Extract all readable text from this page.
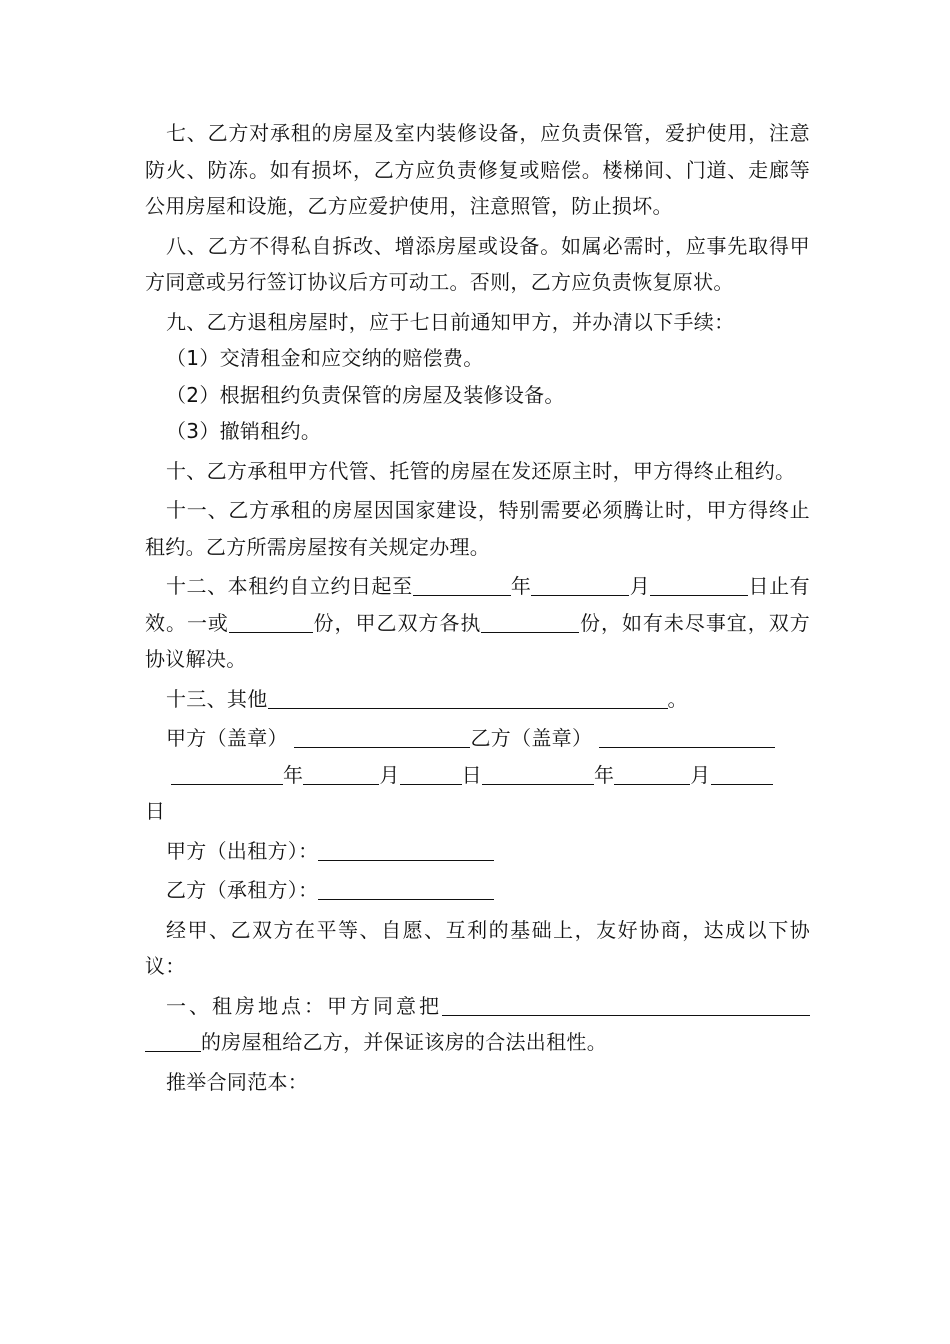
七、乙方对承租的房屋及室内装修设备，应负责保管，爱护使用，注意防火、防冻。如有损坏，乙方应负责修复或赔偿。楼梯间、门道、走廊等公用房屋和设施，乙方应爱护使用，注意照管，防止损坏。

八、乙方不得私自拆改、增添房屋或设备。如属必需时，应事先取得甲方同意或另行签订协议后方可动工。否则，乙方应负责恢复原状。

九、乙方退租房屋时，应于七日前通知甲方，并办清以下手续：

（1）交清租金和应交纳的赔偿费。

（2）根据租约负责保管的房屋及装修设备。

（3）撤销租约。

十、乙方承租甲方代管、托管的房屋在发还原主时，甲方得终止租约。

十一、乙方承租的房屋因国家建设，特别需要必须腾让时，甲方得终止租约。乙方所需房屋按有关规定办理。

十二、本租约自立约日起至	年	月	日止有效。一或	份，甲乙双方各执	份，如有未尽事宜，双方协议解决。

十三、其他	。

甲方（盖章）	乙方（盖章）

年	月	日	年	月

日

甲方（出租方）：

乙方（承租方）：

经甲、乙双方在平等、自愿、互利的基础上，友好协商，达成以下协议：

一、租房地点：甲方同意把的房屋租给乙方，并保证该房的合法出租性。

推举合同范本：
